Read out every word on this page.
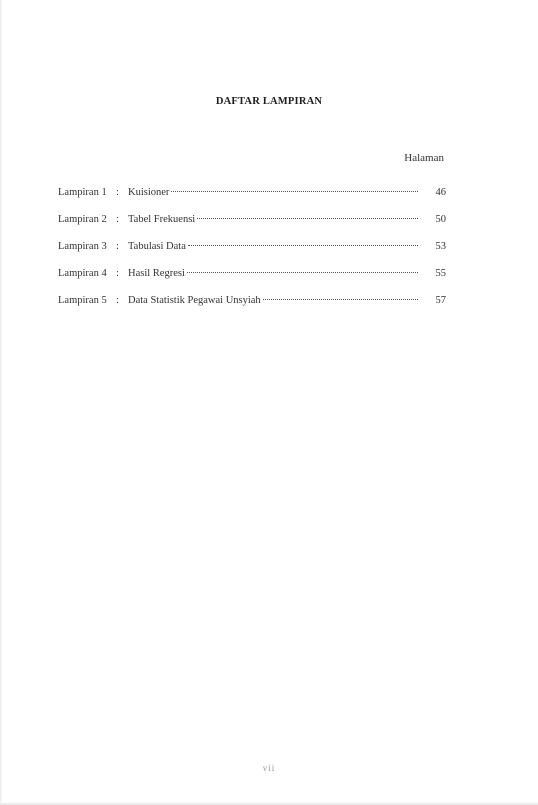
DAFTAR LAMPIRAN
Halaman
Lampiran 1 : Kuisioner	46
Lampiran 2 : Tabel Frekuensi	50
Lampiran 3 : Tabulasi Data	53
Lampiran 4 : Hasil Regresi	55
Lampiran 5 : Data Statistik Pegawai Unsyiah	57
vii
